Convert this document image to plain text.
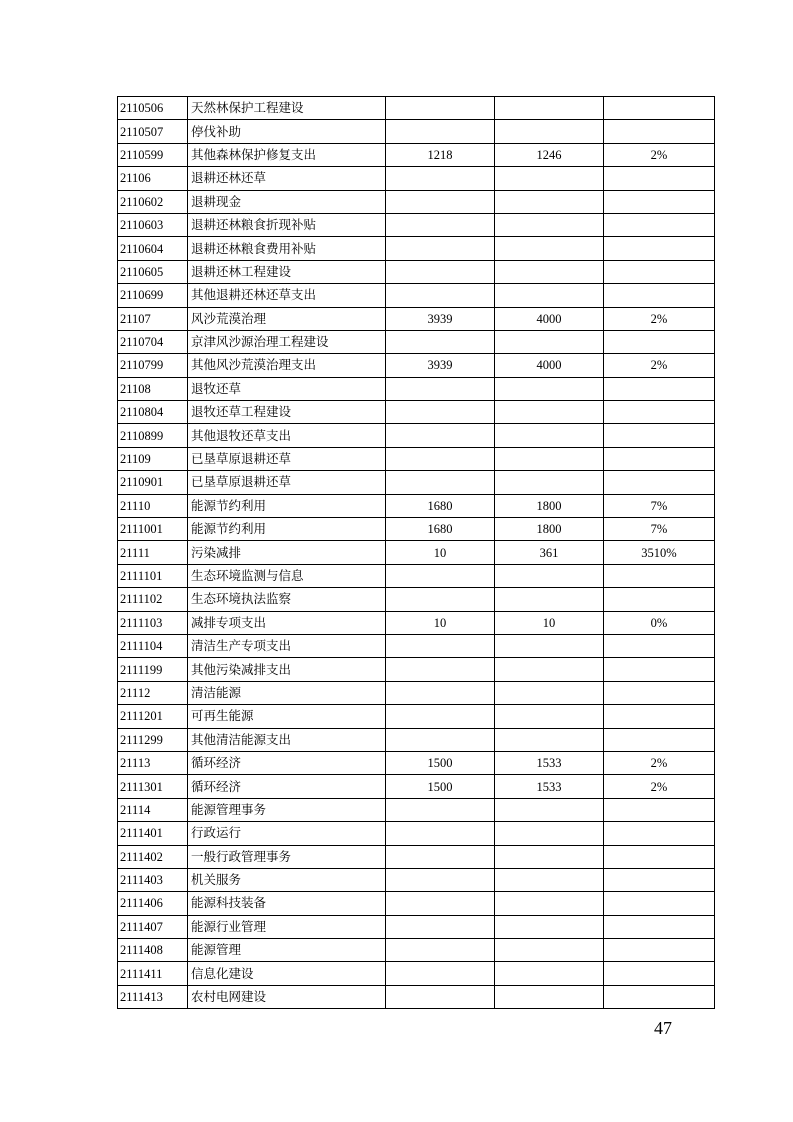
2110506	天然林保护工程建设			
2110507	停伐补助			
2110599	其他森林保护修复支出	1218	1246	2%
21106	退耕还林还草			
2110602	退耕现金			
2110603	退耕还林粮食折现补贴			
2110604	退耕还林粮食费用补贴			
2110605	退耕还林工程建设			
2110699	其他退耕还林还草支出			
21107	风沙荒漠治理	3939	4000	2%
2110704	京津风沙源治理工程建设			
2110799	其他风沙荒漠治理支出	3939	4000	2%
21108	退牧还草			
2110804	退牧还草工程建设			
2110899	其他退牧还草支出			
21109	已垦草原退耕还草			
2110901	已垦草原退耕还草			
21110	能源节约利用	1680	1800	7%
2111001	能源节约利用	1680	1800	7%
21111	污染减排	10	361	3510%
2111101	生态环境监测与信息			
2111102	生态环境执法监察			
2111103	减排专项支出	10	10	0%
2111104	清洁生产专项支出			
2111199	其他污染减排支出			
21112	清洁能源			
2111201	可再生能源			
2111299	其他清洁能源支出			
21113	循环经济	1500	1533	2%
2111301	循环经济	1500	1533	2%
21114	能源管理事务			
2111401	行政运行			
2111402	一般行政管理事务			
2111403	机关服务			
2111406	能源科技装备			
2111407	能源行业管理			
2111408	能源管理			
2111411	信息化建设			
2111413	农村电网建设			
47
